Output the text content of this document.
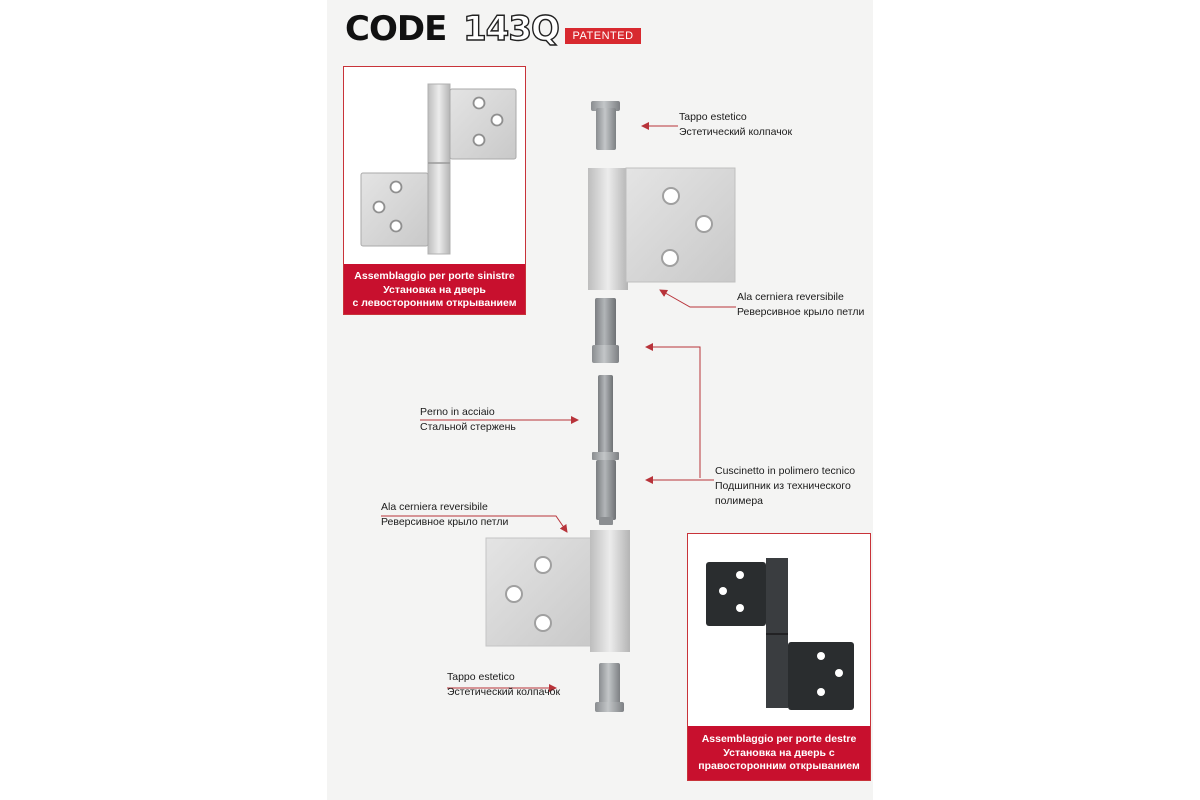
CODE 143Q	PATENTED
Assemblaggio per porte sinistre
Установка на дверь
с левосторонним открыванием
Assemblaggio per porte destre
Установка на дверь с
правосторонним открыванием
Tappo estetico
Эстетический колпачок
Ala cerniera reversibile
Реверсивное крыло петли
Perno in acciaio
Стальной стержень
Cuscinetto in polimero tecnico
Подшипник из технического
полимера
Ala cerniera reversibile
Реверсивное крыло петли
Tappo estetico
Эстетический колпачок
